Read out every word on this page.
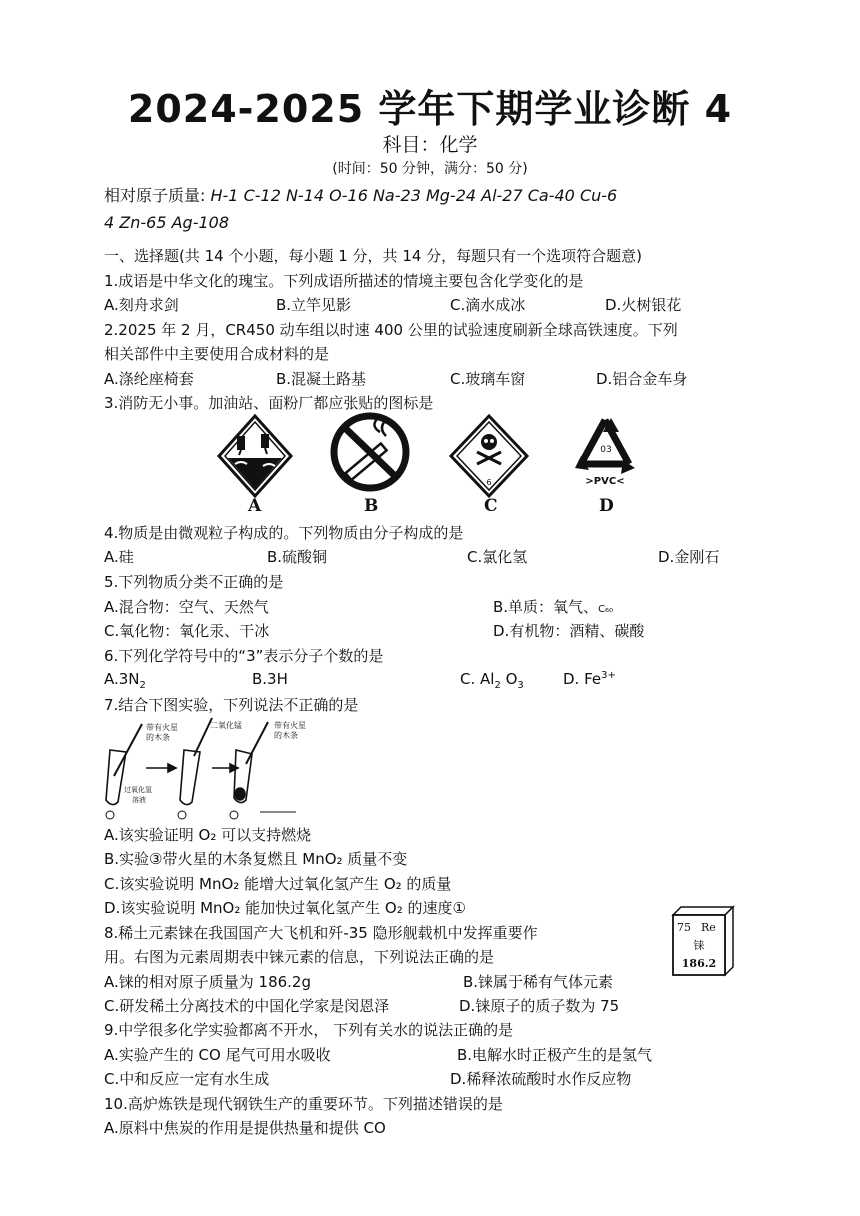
2024-2025 学年下期学业诊断 4
科目：化学
(时间：50 分钟，满分：50 分)
相对原子质量: H-1 C-12 N-14 O-16 Na-23 Mg-24 Al-27 Ca-40 Cu-6
4 Zn-65 Ag-108
一、选择题(共 14 个小题，每小题 1 分，共 14 分，每题只有一个选项符合题意)
1.成语是中华文化的瑰宝。下列成语所描述的情境主要包含化学变化的是
A.刻舟求剑	B.立竿见影	C.滴水成冰	D.火树银花
2.2025 年 2 月，CR450 动车组以时速 400 公里的试验速度刷新全球高铁速度。下列
相关部件中主要使用合成材料的是
A.涤纶座椅套	B.混凝土路基	C.玻璃车窗	D.铝合金车身
3.消防无小事。加油站、面粉厂都应张贴的图标是
6
03
>PVC<
A	B	C	D
4.物质是由微观粒子构成的。下列物质由分子构成的是
A.硅	B.硫酸铜	C.氯化氢	D.金刚石
5.下列物质分类不正确的是
A.混合物：空气、天然气	B.单质：氧气、C₆₀
C.氧化物：氧化汞、干冰	D.有机物：酒精、碳酸
6.下列化学符号中的“3”表示分子个数的是
$A.3N_2$	B.3H	C. $Al_2$ $O_3$	D. $Fe^{3+}$
7.结合下图实验，下列说法不正确的是
带有火星
的木条
二氧化锰	带有火星
的木条
过氧化氢
溶液
A.该实验证明 O₂ 可以支持燃烧
B.实验③带火星的木条复燃且 MnO₂ 质量不变
C.该实验说明 MnO₂ 能增大过氧化氢产生 O₂ 的质量
D.该实验说明 MnO₂ 能加快过氧化氢产生 O₂ 的速度①
8.稀土元素铼在我国国产大飞机和歼-35 隐形舰载机中发挥重要作
用。右图为元素周期表中铼元素的信息，下列说法正确的是
75 Re
铼
186.2
A.铼的相对原子质量为 186.2g	B.铼属于稀有气体元素
C.研发稀土分离技术的中国化学家是闵恩泽	D.铼原子的质子数为 75
9.中学很多化学实验都离不开水， 下列有关水的说法正确的是
A.实验产生的 CO 尾气可用水吸收	B.电解水时正极产生的是氢气
C.中和反应一定有水生成	D.稀释浓硫酸时水作反应物
10.高炉炼铁是现代钢铁生产的重要环节。下列描述错误的是
A.原料中焦炭的作用是提供热量和提供 CO
